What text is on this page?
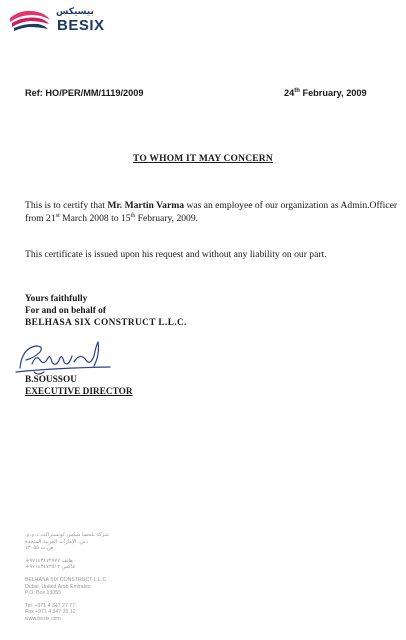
بيسيكس
BESIX
Ref: HO/PER/MM/1119/2009	24th February, 2009
TO WHOM IT MAY CONCERN
This is to certify that Mr. Martin Varma was an employee of our organization as Admin.Officer from 21st March 2008 to 15th February, 2009.
This certificate is issued upon his request and without any liability on our part.
Yours faithfully
For and on behalf of
BELHASA SIX CONSTRUCT L.L.C.
B.SOUSSOU
EXECUTIVE DIRECTOR
شركة بلحصا سكس كونستراكت ذ.م.م.
دبي، الإمارات العربية المتحدة
ص.ب ١٣٠٥٥
هاتف ٩٧١٤٣٤٧٢٧٧٧+
فاكس ٩٧١٤٣٤٧٣٥١٢+
BELHASA SIX CONSTRUCT L.L.C.
Dubai, United Arab Emirates
P.O. Box 13055
Tel. +971 4 347 27 77
Fax +971 4 347 35 12
www.besix.com
